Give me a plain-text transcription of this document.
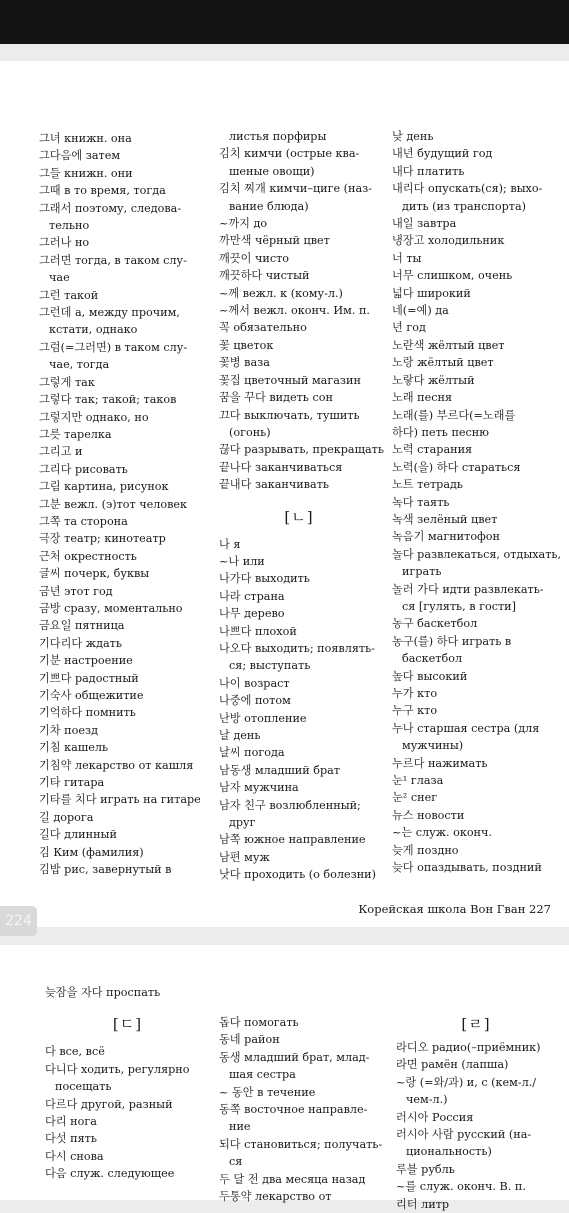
그녀 книжн. она
그다음에 затем
그들 книжн. они
그때 в то время, тогда
그래서 поэтому, следова-
тельно
그러나 но
그러면 тогда, в таком слу-
чае
그런 такой
그런데 а, между прочим,
кстати, однако
그럼(=그러면) в таком слу-
чае, тогда
그렇게 так
그렇다 так; такой; таков
그렇지만 однако, но
그릇 тарелка
그리고 и
그리다 рисовать
그림 картина, рисунок
그분 вежл. (э)тот человек
그쪽 та сторона
극장 театр; кинотеатр
근처 окрестность
글씨 почерк, буквы
금년 этот год
금방 сразу, моментально
금요일 пятница
기다리다 ждать
기분 настроение
기쁘다 радостный
기숙사 общежитие
기억하다 помнить
기차 поезд
기침 кашель
기침약 лекарство от кашля
기타 гитара
기타를 치다 играть на гитаре
길 дорога
길다 длинный
김 Ким (фамилия)
김밥 рис, завернутый в
листья порфиры
김치 кимчи (острые ква-
шеные овощи)
김치 찌개 кимчи–циге (наз-
вание блюда)
~까지 до
까만색 чёрный цвет
깨끗이 чисто
깨끗하다 чистый
~께 вежл. к (кому-л.)
~께서 вежл. оконч. Им. п.
꼭 обязательно
꽃 цветок
꽃병 ваза
꽃집 цветочный магазин
꿈을 꾸다 видеть сон
끄다 выключать, тушить
(огонь)
끊다 разрывать, прекращать
끝나다 заканчиваться
끝내다 заканчивать
[ㄴ]
나 я
~나 или
나가다 выходить
나라 страна
나무 дерево
나쁘다 плохой
나오다 выходить; появлять-
ся; выступать
나이 возраст
나중에 потом
난방 отопление
날 день
날씨 погода
남동생 младший брат
남자 мужчина
남자 친구 возлюбленный;
друг
남쪽 южное направление
남편 муж
낫다 проходить (о болезни)
낮 день
내년 будущий год
내다 платить
내리다 опускать(ся); выхо-
дить (из транспорта)
내일 завтра
냉장고 холодильник
너 ты
너무 слишком, очень
넓다 широкий
네(=예) да
년 год
노란색 жёлтый цвет
노랑 жёлтый цвет
노랗다 жёлтый
노래 песня
노래(를) 부르다(=노래를
하다) петь песню
노력 старания
노력(을) 하다 стараться
노트 тетрадь
녹다 таять
녹색 зелёный цвет
녹음기 магнитофон
놀다 развлекаться, отдыхать,
играть
놀러 가다 идти развлекать-
ся [гулять, в гости]
농구 баскетбол
농구(를) 하다 играть в
баскетбол
높다 высокий
누가 кто
누구 кто
누나 старшая сестра (для
мужчины)
누르다 нажимать
눈¹ глаза
눈² снег
뉴스 новости
~는 служ. оконч.
늦게 поздно
늦다 опаздывать, поздний
Корейская школа Вон Гван 227
224
늦잠을 자다 проспать
[ㄷ]
다 все, всё
다니다 ходить, регулярно
посещать
다르다 другой, разный
다리 нога
다섯 пять
다시 снова
다음 служ. следующее
돕다 помогать
동네 район
동생 младший брат, млад-
шая сестра
~ 동안 в течение
동쪽 восточное направле-
ние
되다 становиться; получать-
ся
두 달 전 два месяца назад
두통약 лекарство от
[ㄹ]
라디오 радио(–приёмник)
라면 рамён (лапша)
~랑 (=와/과) и, с (кем-л./
чем-л.)
러시아 Россия
러시아 사람 русский (на-
циональность)
루블 рубль
~를 служ. оконч. В. п.
리터 литр
